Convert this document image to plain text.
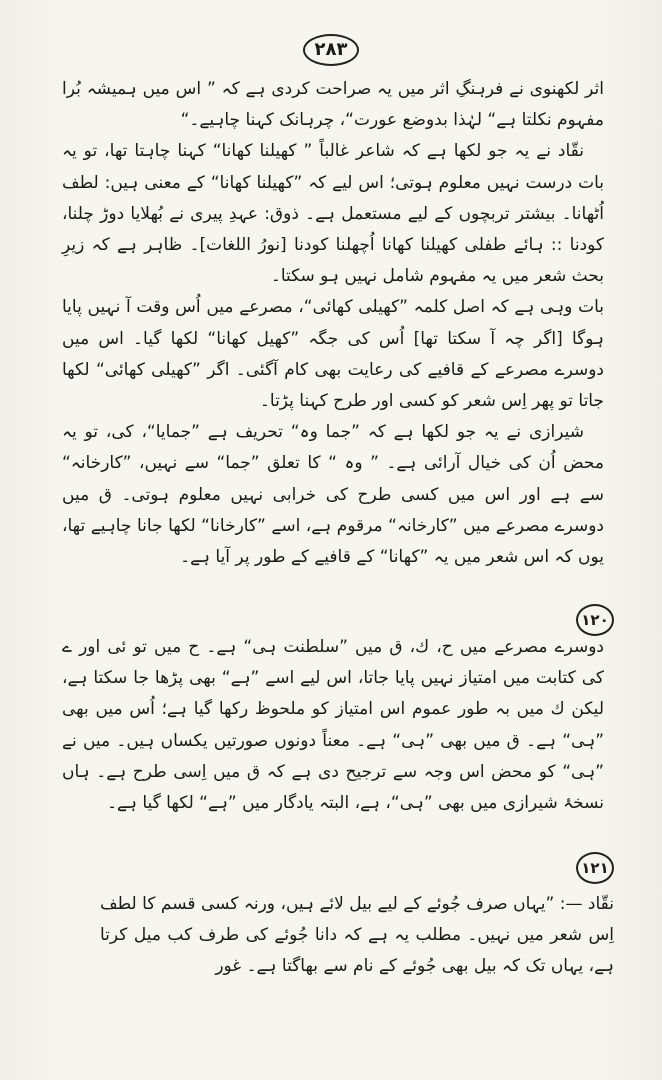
۲۸۳

اثر لکھنوی نے فرہنگِ اثر میں یہ صراحت کردی ہے کہ ” اس میں ہمیشہ بُرا مفہوم نکلتا ہے“ لہٰذا بدوضع عورت“، چرہانک کہنا چاہیے۔“

نقّاد نے یہ جو لکھا ہے کہ شاعر غالباً ” کھیلنا کھانا“ کہنا چاہتا تھا، تو یہ بات درست نہیں معلوم ہوتی؛ اس لیے کہ ”کھیلنا کھانا“ کے معنی ہیں: لطف اُٹھانا۔ بیشتر تربچوں کے لیے مستعمل ہے۔ ذوق: عہدِ پیری نے بُھلایا دوڑ چلنا، کودنا :: ہائے طفلی کھیلنا کھانا اُچھلنا کودنا [نورُ اللغات]۔ ظاہر ہے کہ زیرِ بحث شعر میں یہ مفہوم شامل نہیں ہو سکتا۔

بات وہی ہے کہ اصل کلمہ ”کھیلی کھائی“، مصرعے میں اُس وقت آ نہیں پایا ہوگا [اگر چہ آ سکتا تھا] اُس کی جگہ ”کھیل کھانا“ لکھا گیا۔ اس میں دوسرے مصرعے کے قافیے کی رعایت بھی کام آگئی۔ اگر ”کھیلی کھائی“ لکھا جاتا تو پھر اِس شعر کو کسی اور طرح کہنا پڑتا۔

شیرازی نے یہ جو لکھا ہے کہ ”جما وہ“ تحریف ہے ”جمایا“، کی، تو یہ محض اُن کی خیال آرائی ہے۔ ” وہ “ کا تعلق ”جما“ سے نہیں، ”کارخانہ“ سے ہے اور اس میں کسی طرح کی خرابی نہیں معلوم ہوتی۔ ق میں دوسرے مصرعے میں ”کارخانہ“ مرقوم ہے، اسے ”کارخانا“ لکھا جانا چاہیے تھا، یوں کہ اس شعر میں یہ ”کھانا“ کے قافیے کے طور پر آیا ہے۔

۱۲۰

دوسرے مصرعے میں ح، ك، ق میں ”سلطنت ہی“ ہے۔ ح میں تو ئی اور ے کی کتابت میں امتیاز نہیں پایا جاتا، اس لیے اسے ”ہے“ بھی پڑھا جا سکتا ہے، لیکن ك میں بہ طور عموم اس امتیاز کو ملحوظ رکھا گیا ہے؛ اُس میں بھی ”ہی“ ہے۔ ق میں بھی ”ہی“ ہے۔ معناً دونوں صورتیں یکساں ہیں۔ میں نے ”ہی“ کو محض اس وجہ سے ترجیح دی ہے کہ ق میں اِسی طرح ہے۔ ہاں نسخۂ شیرازی میں بھی ”ہی“، ہے، البتہ یادگار میں ”ہے“ لکھا گیا ہے۔

۱۲۱

نقّاد —: ”یہاں صرف جُوئے کے لیے بیل لائے ہیں، ورنہ کسی قسم کا لطف اِس شعر میں نہیں۔ مطلب یہ ہے کہ دانا جُوئے کی طرف کب میل کرتا ہے، یہاں تک کہ بیل بھی جُوئے کے نام سے بھاگتا ہے۔ غور
